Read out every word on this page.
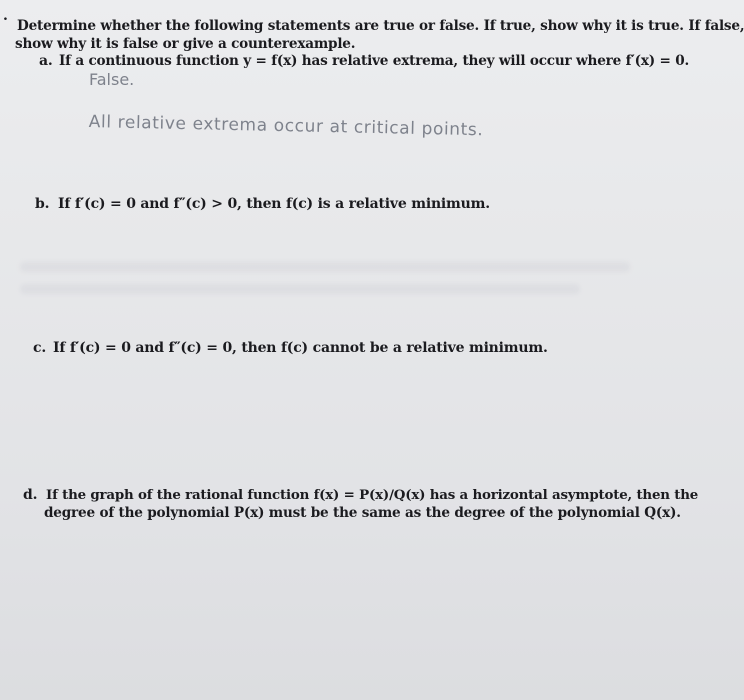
.
Determine whether the following statements are true or false. If true, show why it is true. If false,
show why it is false or give a counterexample.
a. If a continuous function y = f(x) has relative extrema, they will occur where f′(x) = 0.
False.
All relative extrema occur at critical points.
b. If f′(c) = 0 and f″(c) > 0, then f(c) is a relative minimum.
c. If f′(c) = 0 and f″(c) = 0, then f(c) cannot be a relative minimum.
d. If the graph of the rational function f(x) = P(x)/Q(x) has a horizontal asymptote, then the
degree of the polynomial P(x) must be the same as the degree of the polynomial Q(x).
